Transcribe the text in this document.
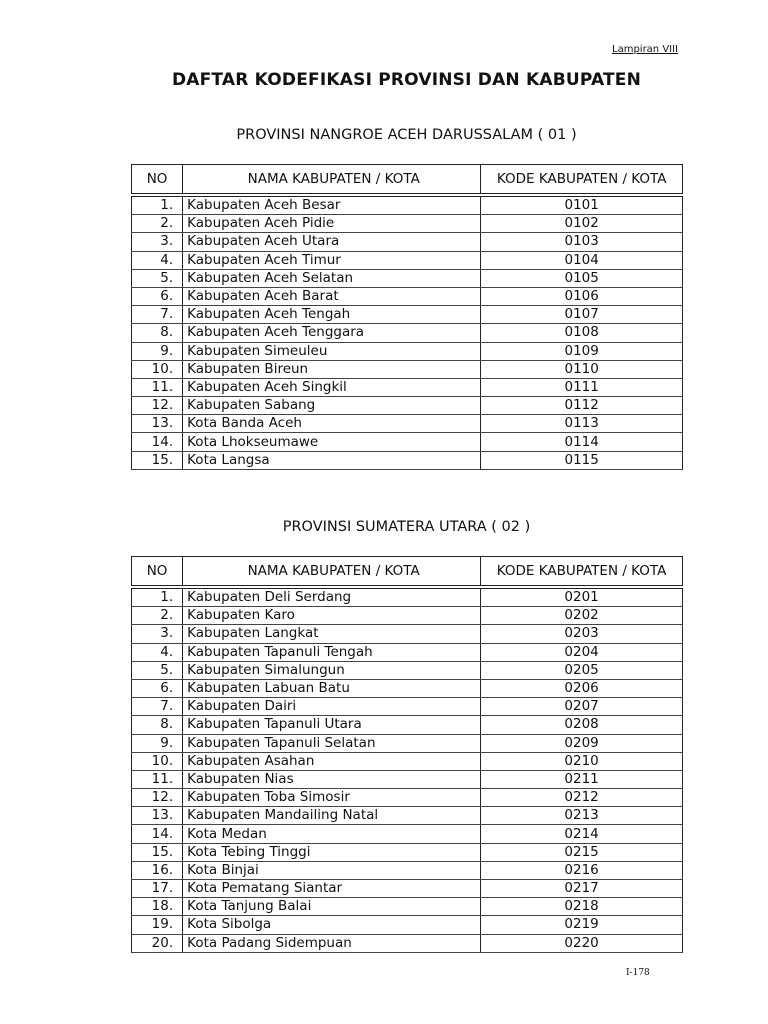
Lampiran VIII
DAFTAR KODEFIKASI PROVINSI DAN KABUPATEN
PROVINSI NANGROE ACEH DARUSSALAM ( 01 )
NO	NAMA KABUPATEN / KOTA	KODE KABUPATEN / KOTA
1.	Kabupaten Aceh Besar	0101
2.	Kabupaten Aceh Pidie	0102
3.	Kabupaten Aceh Utara	0103
4.	Kabupaten Aceh Timur	0104
5.	Kabupaten Aceh Selatan	0105
6.	Kabupaten Aceh Barat	0106
7.	Kabupaten Aceh Tengah	0107
8.	Kabupaten Aceh Tenggara	0108
9.	Kabupaten Simeuleu	0109
10.	Kabupaten Bireun	0110
11.	Kabupaten Aceh Singkil	0111
12.	Kabupaten Sabang	0112
13.	Kota Banda Aceh	0113
14.	Kota Lhokseumawe	0114
15.	Kota Langsa	0115
PROVINSI SUMATERA UTARA ( 02 )
NO	NAMA KABUPATEN / KOTA	KODE KABUPATEN / KOTA
1.	Kabupaten Deli Serdang	0201
2.	Kabupaten Karo	0202
3.	Kabupaten Langkat	0203
4.	Kabupaten Tapanuli Tengah	0204
5.	Kabupaten Simalungun	0205
6.	Kabupaten Labuan Batu	0206
7.	Kabupaten Dairi	0207
8.	Kabupaten Tapanuli Utara	0208
9.	Kabupaten Tapanuli Selatan	0209
10.	Kabupaten Asahan	0210
11.	Kabupaten Nias	0211
12.	Kabupaten Toba Simosir	0212
13.	Kabupaten Mandailing Natal	0213
14.	Kota Medan	0214
15.	Kota Tebing Tinggi	0215
16.	Kota Binjai	0216
17.	Kota Pematang Siantar	0217
18.	Kota Tanjung Balai	0218
19.	Kota Sibolga	0219
20.	Kota Padang Sidempuan	0220
I-178
